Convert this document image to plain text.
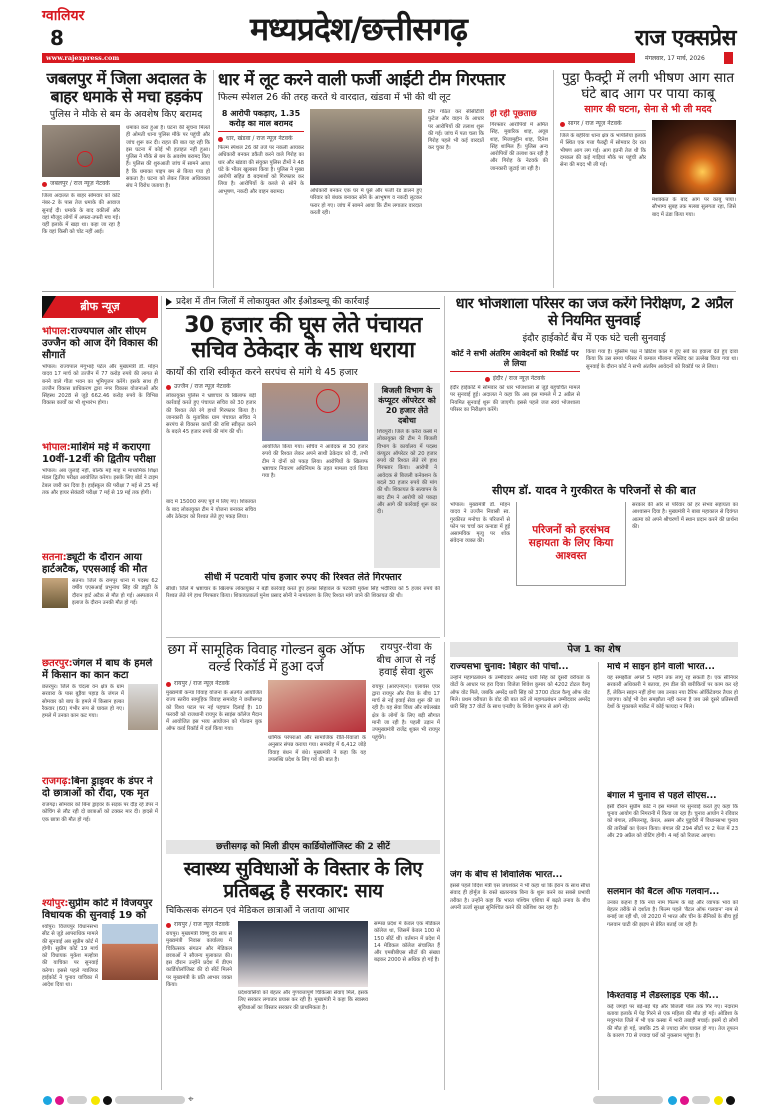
ग्वालियर
8	मध्यप्रदेश/छत्तीसगढ़	राज एक्सप्रेस
www.rajexpress.com	मंगलवार, 17 मार्च, 2026
जबलपुर में जिला अदालत के बाहर धमाके से मचा हड़कंप
पुलिस ने मौके से बम के अवशेष किए बरामद
जबलपुर / राज न्यूज़ नेटवर्क
जिला अदालत के बाहर सोमवार को कोर्ट नंबर-2 के पास तेज धमाके की आवाज सुनाई दी। धमाके के बाद वकीलों और वहां मौजूद लोगों में अफरा-तफरी मच गई। यहीं इलाके में खड़ा था। कहा जा रहा है कि वहां किसी को चोट नहीं आई।
धमाका करा हुआ है। घटना की सूचना मिलते ही ओमती थाना पुलिस मौके पर पहुंची और जांच शुरू कर दी। राहत की बात यह रही कि इस घटना में कोई भी हताहत नहीं हुआ। पुलिस ने मौके से बम के अवशेष बरामद किए हैं। पुलिस की शुरुआती जांच में सामने आया है कि धमाका पाइप बम से किया गया हो सकता है। घटना को लेकर जिला अधिवक्ता संघ ने विरोध जताया है।
धार में लूट करने वाली फर्जी आईटी टीम गिरफ्तार
फिल्म स्पेशल 26 की तरह करते थे वारदात, खंडवा में भी की थी लूट
8 आरोपी पकड़ाए, 1.35 करोड़ का माल बरामद
धार, खंडवा / राज न्यूज़ नेटवर्क
फिल्म स्पेशल 26 की तर्ज पर नकली आयकर अधिकारी बनकर डकैती करने वाले गिरोह का धार और खंडवा की संयुक्त पुलिस टीमों ने 48 घंटे के भीतर खुलासा किया है। पुलिस ने मुख्य आरोपी सहित 8 बदमाशों को गिरफ्तार कर लिया है। आरोपियों के कब्जे से सोने के आभूषण, नकदी और वाहन बरामद।	अधिकारी बनकर एक घर में घुसे और फर्जी रेड डालने हुए परिवार को बंधक बनाकर सोने के आभूषण व नकदी लूटकर फरार हो गए। जांच में सामने आया कि टीम लगातार वारदात करती रही।
टीम गठित कर सीसीटीवी फुटेज और वाहन के आधार पर आरोपियों की तलाश शुरू की गई। जांच में पता चला कि गिरोह पहले भी कई वारदातें कर चुका है।
हो रही पूछताछ
गिरफ्तार आरोपियों में अमित सिंह, मुबारिक शाह, अयूब शाह, मिजामुद्दीन शाह, दिनेश सिंह शामिल हैं। पुलिस अन्य आरोपियों की तलाश कर रही है और गिरोह के नेटवर्क की जानकारी जुटाई जा रही है।
पुट्ठा फैक्ट्री में लगी भीषण आग सात घंटे बाद आग पर पाया काबू
सागर की घटना, सेना से भी ली मदद
सागर / राज न्यूज़ नेटवर्क
जिले के बहेरिया थाना क्षेत्र के भापेलिया इलाके में स्थित एक गत्ता फैक्ट्री में सोमवार देर रात भीषण आग लग गई। आग इतनी तेज थी कि दमकल की कई गाड़ियां मौके पर पहुंची और सेना की मदद भी ली गई।
मशक्कत के बाद आग पर काबू पाया। सौभाग्य सुबह तक मलबा सुलगता रहा, जिसे बाद में ठंडा किया गया।
ब्रीफ न्यूज़
भोपाल:राज्यपाल और सीएम उज्जैन को आज देंगे विकास की सौगातें
भोपाल। राज्यपाल मंगुभाई पटेल और मुख्यमंत्री डॉ. मोहन यादव 17 मार्च को उज्जैन में 77 करोड़ रुपये की लागत से बनने वाले गीता भवन का भूमिपूजन करेंगे। इसके साथ ही उज्जैन विकास प्राधिकरण द्वारा नगर विकास योजनाओं और सिंहस्थ 2028 से जुड़े 662.46 करोड़ रुपये के विभिन्न विकास कार्यों का भी शुभारंभ होगा।
भोपाल:माशिमं मई में कराएगा 10वीं-12वीं की द्वितीय परीक्षा
भोपाल। अब जुलाई नहीं, बल्कि मई माह में माध्यमिक शिक्षा मंडल द्वितीय परीक्षा आयोजित करेगा। इसके लिए बोर्ड ने टाइम टेबल जारी कर दिया है। हाईस्कूल की परीक्षा 7 मई से 25 मई तक और हायर सेकंडरी परीक्षा 7 मई से 19 मई तक होगी।
सतना:ड्यूटी के दौरान आया हार्टअटैक, एएसआई की मौत
सतना। जिले के रामपुर थाना में पदस्थ 62 वर्षीय एएसआई प्रभुनाथ सिंह की ड्यूटी के दौरान हार्ट अटैक से मौत हो गई। अस्पताल में इलाज के दौरान उनकी मौत हो गई।
छतरपुर:जंगल में बाघ के हमले में किसान का कान कटा
छतरपुर। जिले के चंदला वन क्षेत्र के ग्राम सरवारा के पास बुड़ैया पहाड़ के जंगल में सोमवार को बाघ के हमले में किसान हल्का रैकवार (60) गंभीर रूप से घायल हो गए। हमले में उनका कान कट गया।
राजगढ़:बिना ड्राइवर के डंपर ने दो छात्राओं को रौंदा, एक मृत
राजगढ़। सोमवार को बिना ड्राइवर के सड़क पर दौड़ रहे डंपर ने कोचिंग से लौट रही दो छात्राओं को टक्कर मार दी। हादसे में एक छात्रा की मौत हो गई।
श्योपुर:सुप्रीम कोर्ट में विजयपुर विधायक की सुनवाई 19 को
श्योपुर। विजयपुर विधानसभा सीट से जुड़े आपराधिक मामले की सुनवाई अब सुप्रीम कोर्ट में होगी। सुप्रीम कोर्ट 19 मार्च को विधायक मुकेश मल्होत्रा की याचिका पर सुनवाई करेगा। इससे पहले ग्वालियर हाईकोर्ट ने चुनाव याचिका में आदेश दिया था।
प्रदेश में तीन जिलों में लोकायुक्त और ईओडब्ल्यू की कार्रवाई
30 हजार की घूस लेते पंचायत सचिव ठेकेदार के साथ धराया
कार्यों की राशि स्वीकृत करने सरपंच से मांगे थे 45 हजार
उज्जैन / राज न्यूज़ नेटवर्क
लोकायुक्त पुलिस ने भ्रष्टाचार के खिलाफ बड़ी कार्रवाई करते हुए पंचायत सचिव को 30 हजार की रिश्वत लेते रंगे हाथों गिरफ्तार किया है। जानकारी के मुताबिक ग्राम पंचायत सचिव ने सरपंच से विकास कार्यों की राशि स्वीकृत करने के बदले 45 हजार रुपये की मांग की थी।
बाद में 15000 रुपए पूर्व में लिए गए। शिकायत के बाद लोकायुक्त टीम ने योजना बनाकर सचिव और ठेकेदार को रिश्वत लेते हुए पकड़ लिया।
आयोजित किया गया। सचिव ने आवेदक से 30 हजार रुपये की रिश्वत लेकर अपने साथी ठेकेदार को दी, तभी टीम ने दोनों को पकड़ लिया। आरोपियों के खिलाफ भ्रष्टाचार निवारण अधिनियम के तहत मामला दर्ज किया गया है।
बिजली विभाग के कंप्यूटर ऑपरेटर को 20 हजार लेते दबोचा
शिवपुरी। जिले के करैरा कस्बे में लोकायुक्त की टीम ने बिजली विभाग के कार्यालय में पदस्थ कंप्यूटर ऑपरेटर को 20 हजार रुपये की रिश्वत लेते रंगे हाथ गिरफ्तार किया। आरोपी ने आवेदक से बिजली कनेक्शन के बदले 30 हजार रुपये की मांग की थी। शिकायत के सत्यापन के बाद टीम ने आरोपी को पकड़ा और आगे की कार्रवाई शुरू कर दी।
सीधी में पटवारी पांच हजार रुपए की रिश्वत लेते गिरफ्तार
सीधी। जिले में भ्रष्टाचार के खिलाफ लोकायुक्त ने बड़ी कार्रवाई करते हुए हल्का सिहावल के पटवारी मुकेश सिंह भदौरिया को 5 हजार रुपये की रिश्वत लेते रंगे हाथ गिरफ्तार किया। शिकायतकर्ता मुनेश प्रसाद सोनी ने नामांतरण के लिए रिश्वत मांगे जाने की शिकायत की थी।
धार भोजशाला परिसर का जज करेंगे निरीक्षण, 2 अप्रैल से नियमित सुनवाई
इंदौर हाईकोर्ट बैंच में एक घंटे चली सुनवाई
कोर्ट ने सभी अंतरिम आवेदनों को रिकॉर्ड पर ले लिया
इंदौर / राज न्यूज़ नेटवर्क
इंदौर हाईकोर्ट में सोमवार को धार भोजशाला से जुड़े बहुचर्चित मामले पर सुनवाई हुई। अदालत ने कहा कि अब इस मामले में 2 अप्रैल से नियमित सुनवाई शुरू की जाएगी। इससे पहले जज स्वयं भोजशाला परिसर का निरीक्षण करेंगे।
किया गया है। मुस्लिम पक्ष ने ब्रिटिश काल में हुए सर्वे का हवाला देते हुए दावा किया कि उस समय परिसर में कमाल मौलाना मस्जिद का उल्लेख किया गया था। सुनवाई के दौरान कोर्ट ने सभी अंतरिम आवेदनों को रिकॉर्ड पर ले लिया।
सीएम डॉ. यादव ने गुरकीरत के परिजनों से की बात
भोपाल। मुख्यमंत्री डॉ. मोहन यादव ने उज्जैन निवासी स्व. गुरकीरत मनोचा के परिजनों से फोन पर चर्चा कर कनाडा में हुई असामयिक मृत्यु पर शोक संवेदना व्यक्त की।
परिजनों को हरसंभव सहायता के लिए किया आश्वस्त
सरकार की ओर से परिवार को हर संभव सहायता का आश्वासन दिया है। मुख्यमंत्री ने बाबा महाकाल से दिवंगत आत्मा को अपने श्रीचरणों में स्थान प्रदान करने की प्रार्थना की।
छग में सामूहिक विवाह गोल्डन बुक ऑफ वर्ल्ड रिकॉर्ड में हुआ दर्ज
रायपुर / राज न्यूज़ नेटवर्क
मुख्यमंत्री कन्या विवाह योजना के अंतर्गत आयोजित राज्य स्तरीय सामूहिक विवाह समारोह ने छत्तीसगढ़ को विश्व पटल पर नई पहचान दिलाई है। 10 फरवरी को राजधानी रायपुर के साइंस कॉलेज मैदान में आयोजित इस भव्य आयोजन को गोल्डन बुक ऑफ वर्ल्ड रिकॉर्ड में दर्ज किया गया।
धार्मिक परंपराओं और सामाजिक रीति-रिवाजों के अनुसार संपन्न कराया गया। समारोह में 6,412 जोड़े विवाह बंधन में बंधे। मुख्यमंत्री ने कहा कि यह उपलब्धि प्रदेश के लिए गर्व की बात है।
रायपुर-रीवा के बीच आज से नई हवाई सेवा शुरू
रायपुर (आरएनएन)। एलायंस एयर द्वारा रायपुर और रीवा के बीच 17 मार्च से नई हवाई सेवा शुरू की जा रही है। यह सेवा विंध्य और बघेलखंड क्षेत्र के लोगों के लिए बड़ी सौगात मानी जा रही है। पहली उड़ान में उपमुख्यमंत्री राजेंद्र शुक्ल भी रायपुर पहुंचेंगे।
पेज 1 का शेष
राज्यसभा चुनाव: बिहार की पांचों...
उन्होंने महागठबंधन के उम्मीदवार अमरेंद्र धारी सिंह को दूसरी वरीयता के वोटों के आधार पर हरा दिया। विजेता शिवेश कुमार को 4202 टोटल वैल्यू ऑफ वोट मिले, जबकि अमरेंद्र धारी सिंह को 3700 टोटल वैल्यू ऑफ वोट मिले। प्रथम वरीयता के वोट की बात करें तो महागठबंधन उम्मीदवार अमरेंद्र धारी सिंह 37 वोटों के साथ एनडीए के शिवेश कुमार से आगे रहे।
जंग के बीच से शिवालिक भारत...
इससे पहले विदेश मंत्री एस जयशंकर ने भी कहा था कि ईरान के साथ सीधा संवाद ही होर्मुज के रास्ते खतरनाक बिना के शुरू करने का सबसे प्रभावी तरीका है। उन्होंने कहा कि भारत पश्चिम एशिया में बढ़ते तनाव के बीच अपनी ऊर्जा सुरक्षा सुनिश्चित करने की कोशिश कर रहा है।
मार्च में साइन होने वाली भारत...
यह समझौता अगले 5 महीने तक लागू रह सकती है। एक सीनियर सरकारी अधिकारी ने बताया, हम डील की बारीकियों पर काम कर रहे हैं, लेकिन साइन नहीं होगा जब उनका नया टैरिफ ऑर्किटेक्चर तैयार हो जाएगा। कोई भी देश समझौता नहीं करना है जब उसे दूसरे प्रतिस्पर्धी देशों के मुकाबले मार्केट में कोई फायदा न मिले।
बंगाल में चुनाव से पहले सीएस...
इसी दौरान सुप्रीम कोर्ट ने इस मामले पर सुनवाई करते हुए कहा कि चुनाव आयोग की निगरानी में किया जा रहा है। चुनाव आयोग ने रविवार को बंगाल, तमिलनाडु, केरल, असम और पुडुचेरी में विधानसभा चुनाव की तारीखों का ऐलान किया। बंगाल की 294 सीटों पर 2 फेज में 23 और 29 अप्रैल को वोटिंग होगी। 4 मई को रिजल्ट आएगा।
सलमान की बैटल ऑफ गलवान...
उनका कहना है कि नया नाम फिल्म के बड़े और व्यापक भाव को बेहतर तरीके से दर्शाता है। फिल्म पहले 'बैटल ऑफ गलवान' नाम से बनाई जा रही थी, जो 2020 में भारत और चीन के सैनिकों के बीच हुई गलवान घाटी की झड़प से प्रेरित बताई जा रही है।
किश्तवाड़ में लैंडस्लाइड एक की...
कई जगहों पर बड़े-बड़े पेड़ और बिजली पोल तक गिर गए। नंदाराम बताया इलाके में पेड़ गिरने से एक महिला की मौत हो गई। ओडिशा के मयूरभंज जिले में भी एक कस्बा में भारी तबाही मचाई। इसमें दो लोगों की मौत हो गई, जबकि 25 से ज्यादा लोग घायल हो गए। तेज तूफान के कारण 70 से ज्यादा घरों को नुकसान पहुंचा है।
छत्तीसगढ़ को मिली डीएम कार्डियोलॉजिस्ट की 2 सीटें
स्वास्थ्य सुविधाओं के विस्तार के लिए प्रतिबद्ध है सरकार: साय
चिकित्सक संगठन एवं मेडिकल छात्राओं ने जताया आभार
रायपुर / राज न्यूज़ नेटवर्क
रायपुर। मुख्यमंत्री विष्णु देव साय से मुख्यमंत्री निवास कार्यालय में चिकित्सक संगठन और मेडिकल छात्राओं ने सौजन्य मुलाकात की। इस दौरान उन्होंने प्रदेश में डीएम कार्डियोलॉजिस्ट की दो सीटें मिलने पर मुख्यमंत्री के प्रति आभार व्यक्त किया।
प्रदेशवासियों को बेहतर और गुणवत्तापूर्ण चिकित्सा सेवाएं मिलें, इसके लिए सरकार लगातार प्रयास कर रही है। मुख्यमंत्री ने कहा कि स्वास्थ्य सुविधाओं का विस्तार सरकार की प्राथमिकता है।
सम्पन्न प्रदेश में केवल एक मेडिकल कॉलेज था, जिसमें केवल 100 से 150 सीटें थीं। वर्तमान में प्रदेश में 14 मेडिकल कॉलेज संचालित हैं और एमबीबीएस सीटों की संख्या बढ़कर 2000 से अधिक हो गई है।
⌖
